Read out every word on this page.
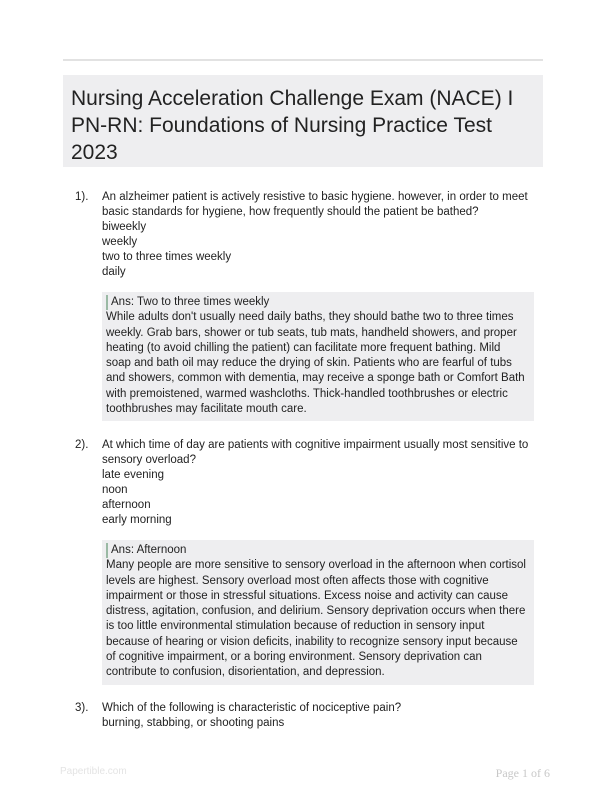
Nursing Acceleration Challenge Exam (NACE) I PN-RN: Foundations of Nursing Practice Test 2023
1). An alzheimer patient is actively resistive to basic hygiene. however, in order to meet basic standards for hygiene, how frequently should the patient be bathed?

biweekly

weekly

two to three times weekly

daily

Ans: Two to three times weekly

While adults don't usually need daily baths, they should bathe two to three times weekly. Grab bars, shower or tub seats, tub mats, handheld showers, and proper heating (to avoid chilling the patient) can facilitate more frequent bathing. Mild soap and bath oil may reduce the drying of skin. Patients who are fearful of tubs and showers, common with dementia, may receive a sponge bath or Comfort Bath with premoistened, warmed washcloths. Thick-handled toothbrushes or electric toothbrushes may facilitate mouth care.

2). At which time of day are patients with cognitive impairment usually most sensitive to sensory overload?

late evening

noon

afternoon

early morning

Ans: Afternoon

Many people are more sensitive to sensory overload in the afternoon when cortisol levels are highest. Sensory overload most often affects those with cognitive impairment or those in stressful situations. Excess noise and activity can cause distress, agitation, confusion, and delirium. Sensory deprivation occurs when there is too little environmental stimulation because of reduction in sensory input because of hearing or vision deficits, inability to recognize sensory input because of cognitive impairment, or a boring environment. Sensory deprivation can contribute to confusion, disorientation, and depression.

3). Which of the following is characteristic of nociceptive pain?

burning, stabbing, or shooting pains

Papertible.com	Page 1 of 6
